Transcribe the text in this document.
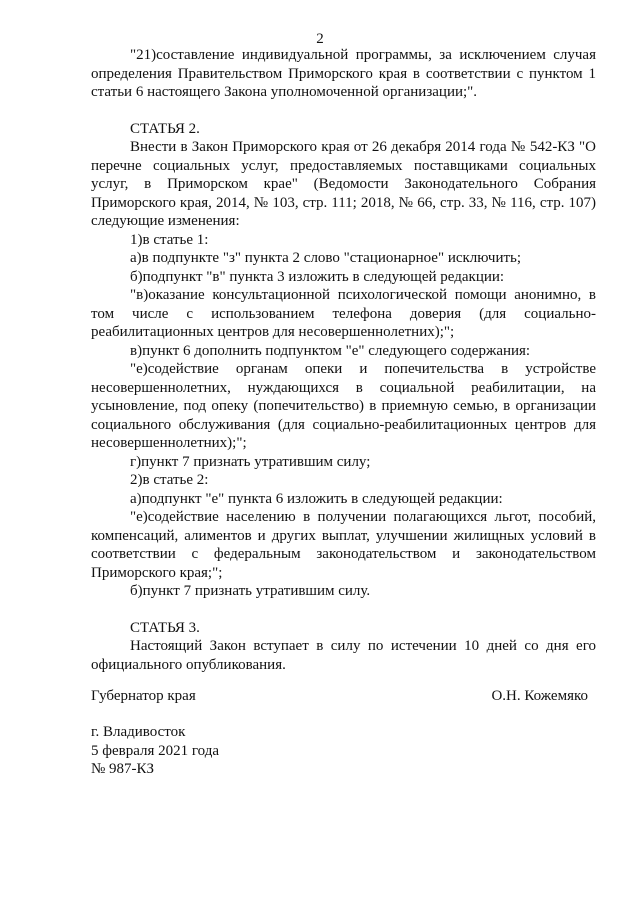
2

"21)составление индивидуальной программы, за исключением случая определения Правительством Приморского края в соответствии с пунктом 1 статьи 6 настоящего Закона уполномоченной организации;".

СТАТЬЯ 2.

Внести в Закон Приморского края от 26 декабря 2014 года № 542-КЗ "О перечне социальных услуг, предоставляемых поставщиками социальных услуг, в Приморском крае" (Ведомости Законодательного Собрания Приморского края, 2014, № 103, стр. 111; 2018, № 66, стр. 33, № 116, стр. 107) следующие изменения:

1)в статье 1:

а)в подпункте "з" пункта 2 слово "стационарное" исключить;

б)подпункт "в" пункта 3 изложить в следующей редакции:

"в)оказание консультационной психологической помощи анонимно, в том числе с использованием телефона доверия (для социально-реабилитационных центров для несовершеннолетних);";

в)пункт 6 дополнить подпунктом "е" следующего содержания:

"е)содействие органам опеки и попечительства в устройстве несовершеннолетних, нуждающихся в социальной реабилитации, на усыновление, под опеку (попечительство) в приемную семью, в организации социального обслуживания (для социально-реабилитационных центров для несовершеннолетних);";

г)пункт 7 признать утратившим силу;

2)в статье 2:

а)подпункт "е" пункта 6 изложить в следующей редакции:

"е)содействие населению в получении полагающихся льгот, пособий, компенсаций, алиментов и других выплат, улучшении жилищных условий в соответствии с федеральным законодательством и законодательством Приморского края;";

б)пункт 7 признать утратившим силу.

СТАТЬЯ 3.

Настоящий Закон вступает в силу по истечении 10 дней со дня его официального опубликования.

Губернатор края	О.Н. Кожемяко

г. Владивосток

5 февраля 2021 года

№ 987-КЗ
